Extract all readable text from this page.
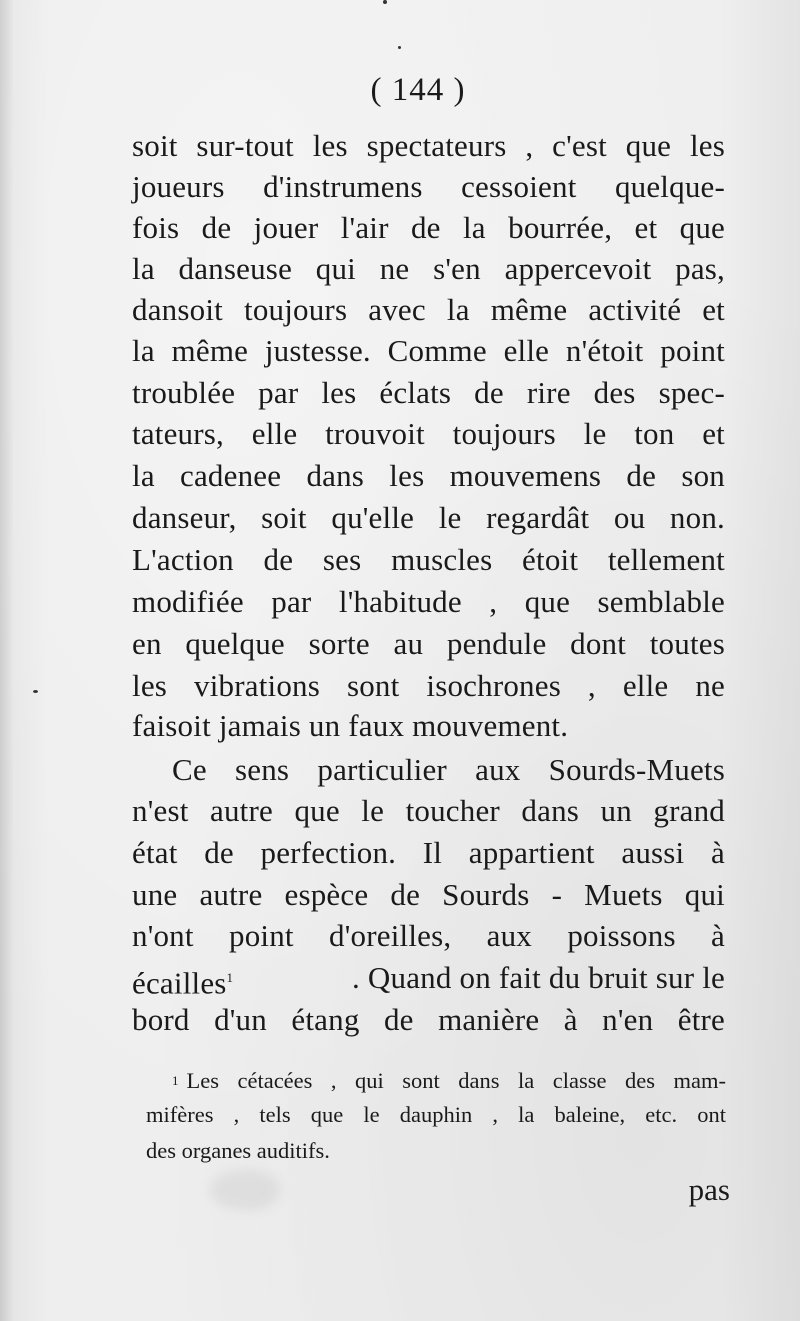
( 144 )
soit sur-tout les spectateurs , c'est que les
joueurs d'instrumens cessoient quelque-
fois de jouer l'air de la bourrée, et que
la danseuse qui ne s'en appercevoit pas,
dansoit toujours avec la même activité et
la même justesse. Comme elle n'étoit point
troublée par les éclats de rire des spec-
tateurs, elle trouvoit toujours le ton et
la cadenee dans les mouvemens de son
danseur, soit qu'elle le regardât ou non.
L'action de ses muscles étoit tellement
modifiée par l'habitude , que semblable
en quelque sorte au pendule dont toutes
les vibrations sont isochrones , elle ne
faisoit jamais un faux mouvement.
Ce sens particulier aux Sourds-Muets
n'est autre que le toucher dans un grand
état de perfection. Il appartient aussi à
une autre espèce de Sourds - Muets qui
n'ont point d'oreilles, aux poissons à
écailles$^1$	. Quand on fait du bruit sur le
bord d'un étang de manière à n'en être
1 Les cétacées , qui sont dans la classe des mam-
mifères , tels que le dauphin , la baleine, etc. ont
des organes auditifs.
pas
